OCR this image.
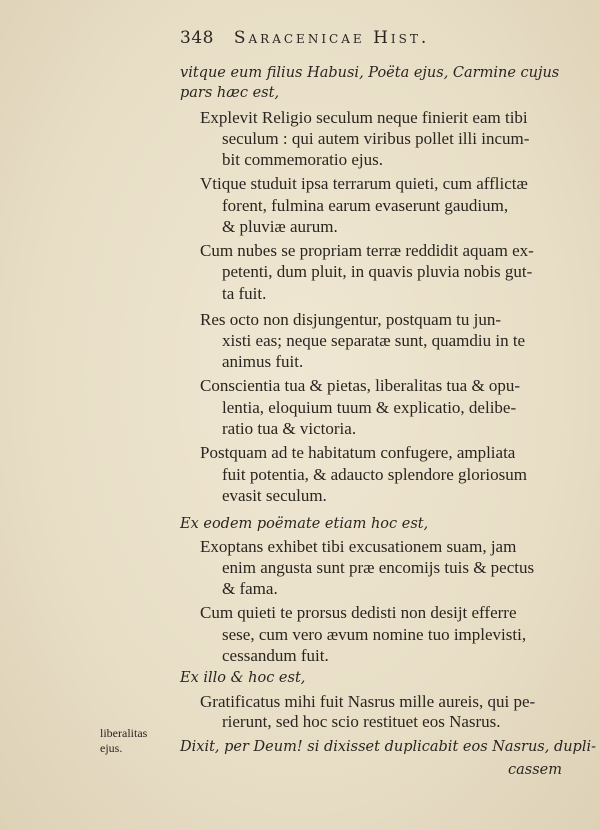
348 Saracenicae Hist.
vitque eum filius Habusi, Poëta ejus, Carmine cujus
pars hæc est,
Explevit Religio seculum neque finierit eam tibi
seculum : qui autem viribus pollet illi incum-
bit commemoratio ejus.
Vtique studuit ipsa terrarum quieti, cum afflictæ
forent, fulmina earum evaserunt gaudium,
& pluviæ aurum.
Cum nubes se propriam terræ reddidit aquam ex-
petenti, dum pluit, in quavis pluvia nobis gut-
ta fuit.
Res octo non disjungentur, postquam tu jun-
xisti eas; neque separatæ sunt, quamdiu in te
animus fuit.
Conscientia tua & pietas, liberalitas tua & opu-
lentia, eloquium tuum & explicatio, delibe-
ratio tua & victoria.
Postquam ad te habitatum confugere, ampliata
fuit potentia, & adaucto splendore gloriosum
evasit seculum.
Ex eodem poëmate etiam hoc est,
Exoptans exhibet tibi excusationem suam, jam
enim angusta sunt præ encomijs tuis & pectus
& fama.
Cum quieti te prorsus dedisti non desijt efferre
sese, cum vero ævum nomine tuo implevisti,
cessandum fuit.
Ex illo & hoc est,
Gratificatus mihi fuit Nasrus mille aureis, qui pe-
rierunt, sed hoc scio restituet eos Nasrus.
Dixit, per Deum! si dixisset duplicabit eos Nasrus, dupli-
cassem
liberalitas
ejus.
